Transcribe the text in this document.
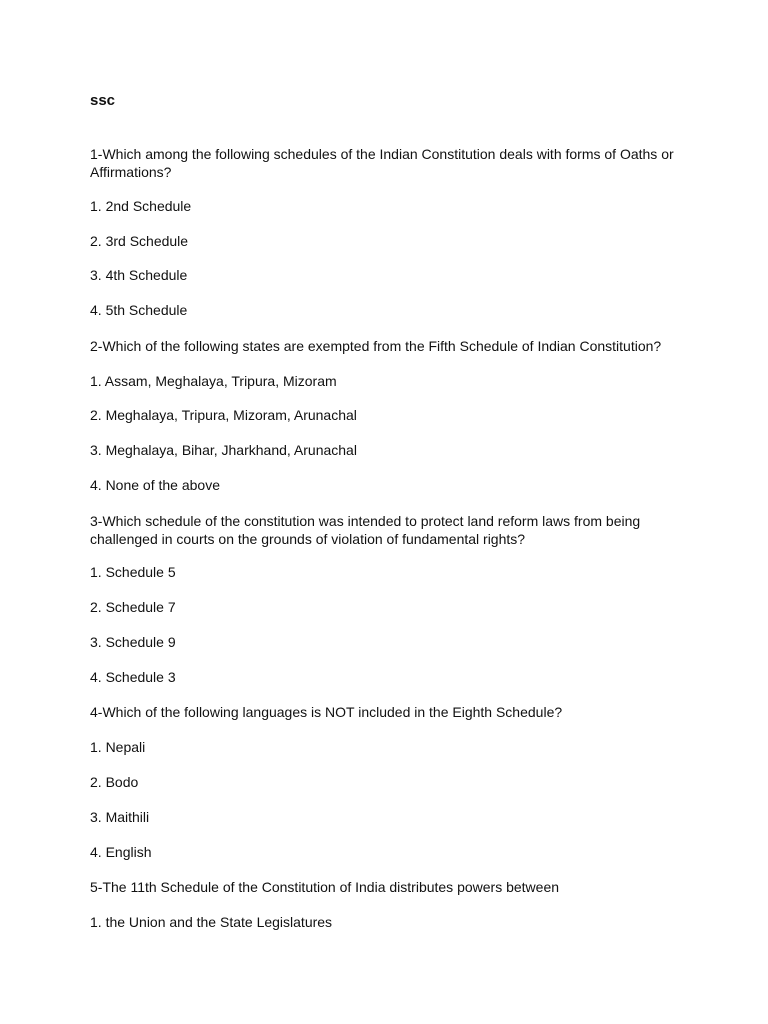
ssc

1-Which among the following schedules of the Indian Constitution deals with forms of Oaths or Affirmations?

1. 2nd Schedule

2. 3rd Schedule

3. 4th Schedule

4. 5th Schedule

2-Which of the following states are exempted from the Fifth Schedule of Indian Constitution?

1. Assam, Meghalaya, Tripura, Mizoram

2. Meghalaya, Tripura, Mizoram, Arunachal

3. Meghalaya, Bihar, Jharkhand, Arunachal

4. None of the above

3-Which schedule of the constitution was intended to protect land reform laws from being challenged in courts on the grounds of violation of fundamental rights?

1. Schedule 5

2. Schedule 7

3. Schedule 9

4. Schedule 3

4-Which of the following languages is NOT included in the Eighth Schedule?

1. Nepali

2. Bodo

3. Maithili

4. English

5-The 11th Schedule of the Constitution of India distributes powers between

1. the Union and the State Legislatures
